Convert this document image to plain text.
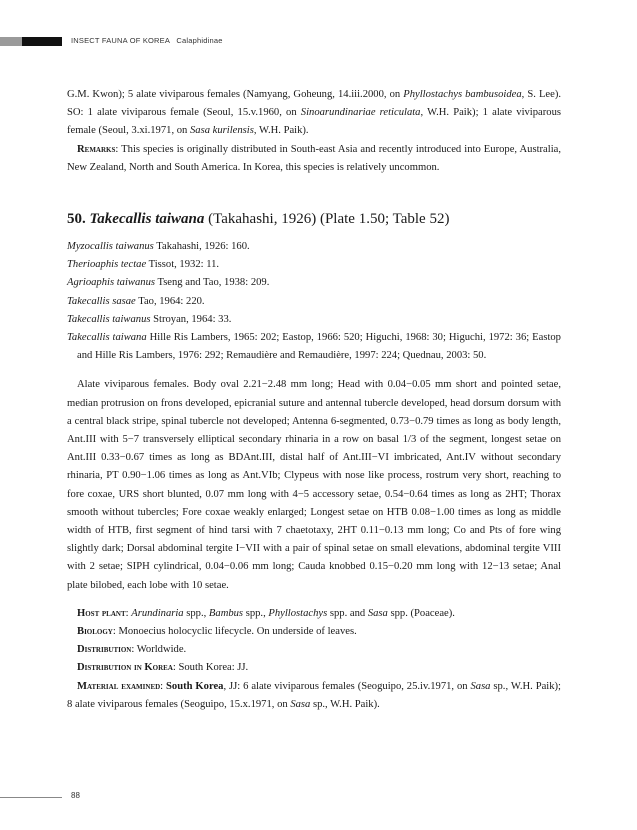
INSECT FAUNA OF KOREA Calaphidinae

G.M. Kwon); 5 alate viviparous females (Namyang, Goheung, 14.iii.2000, on Phyllostachys bambusoidea, S. Lee). SO: 1 alate viviparous female (Seoul, 15.v.1960, on Sinoarundinariae reticulata, W.H. Paik); 1 alate viviparous female (Seoul, 3.xi.1971, on Sasa kurilensis, W.H. Paik).

Remarks: This species is originally distributed in South-east Asia and recently introduced into Europe, Australia, New Zealand, North and South America. In Korea, this species is relatively uncommon.

50. Takecallis taiwana (Takahashi, 1926) (Plate 1.50; Table 52)

Myzocallis taiwanus Takahashi, 1926: 160.

Therioaphis tectae Tissot, 1932: 11.

Agrioaphis taiwanus Tseng and Tao, 1938: 209.

Takecallis sasae Tao, 1964: 220.

Takecallis taiwanus Stroyan, 1964: 33.

Takecallis taiwana Hille Ris Lambers, 1965: 202; Eastop, 1966: 520; Higuchi, 1968: 30; Higuchi, 1972: 36; Eastop and Hille Ris Lambers, 1976: 292; Remaudière and Remaudière, 1997: 224; Quednau, 2003: 50.

Alate viviparous females. Body oval 2.21−2.48 mm long; Head with 0.04−0.05 mm short and pointed setae, median protrusion on frons developed, epicranial suture and antennal tubercle developed, head dorsum dorsum with a central black stripe, spinal tubercle not developed; Antenna 6-segmented, 0.73−0.79 times as long as body length, Ant.III with 5−7 transversely elliptical secondary rhinaria in a row on basal 1/3 of the segment, longest setae on Ant.III 0.33−0.67 times as long as BDAnt.III, distal half of Ant.III−VI imbricated, Ant.IV without secondary rhinaria, PT 0.90−1.06 times as long as Ant.VIb; Clypeus with nose like process, rostrum very short, reaching to fore coxae, URS short blunted, 0.07 mm long with 4−5 accessory setae, 0.54−0.64 times as long as 2HT; Thorax smooth without tubercles; Fore coxae weakly enlarged; Longest setae on HTB 0.08−1.00 times as long as middle width of HTB, first segment of hind tarsi with 7 chaetotaxy, 2HT 0.11−0.13 mm long; Co and Pts of fore wing slightly dark; Dorsal abdominal tergite I−VII with a pair of spinal setae on small elevations, abdominal tergite VIII with 2 setae; SIPH cylindrical, 0.04−0.06 mm long; Cauda knobbed 0.15−0.20 mm long with 12−13 setae; Anal plate bilobed, each lobe with 10 setae.

Host plant: Arundinaria spp., Bambus spp., Phyllostachys spp. and Sasa spp. (Poaceae).

Biology: Monoecius holocyclic lifecycle. On underside of leaves.

Distribution: Worldwide.

Distribution in Korea: South Korea: JJ.

Material examined: South Korea, JJ: 6 alate viviparous females (Seoguipo, 25.iv.1971, on Sasa sp., W.H. Paik); 8 alate viviparous females (Seoguipo, 15.x.1971, on Sasa sp., W.H. Paik).

88
